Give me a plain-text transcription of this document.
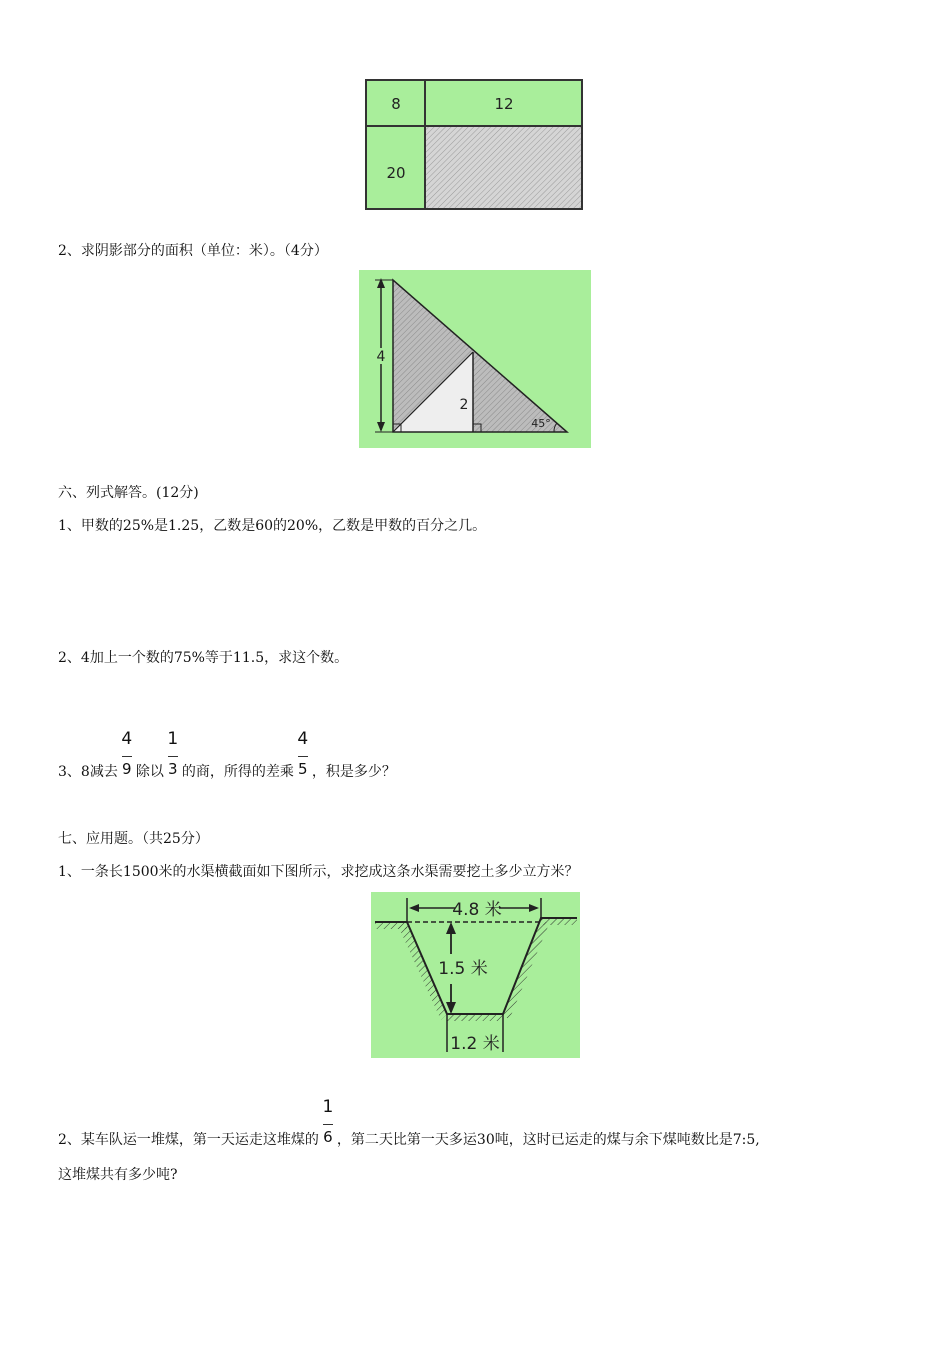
8	12
20
2、求阴影部分的面积（单位：米）。（4分）
4
2
45°
六、列式解答。(12分)
1、甲数的25%是1.25，乙数是60的20%，乙数是甲数的百分之几。
2、4加上一个数的75%等于11.5，求这个数。
3、8减去 $\frac{4}{9}$ 除以 $\frac{1}{3}$ 的商，所得的差乘 $\frac{4}{5}$ ，积是多少？
七、应用题。（共25分）
1、一条长1500米的水渠横截面如下图所示，求挖成这条水渠需要挖土多少立方米？
4.8 米
1.5 米
1.2 米
2、某车队运一堆煤，第一天运走这堆煤的 $\frac{1}{6}$ ，第二天比第一天多运30吨，这时已运走的煤与余下煤吨数比是7:5,
这堆煤共有多少吨?
